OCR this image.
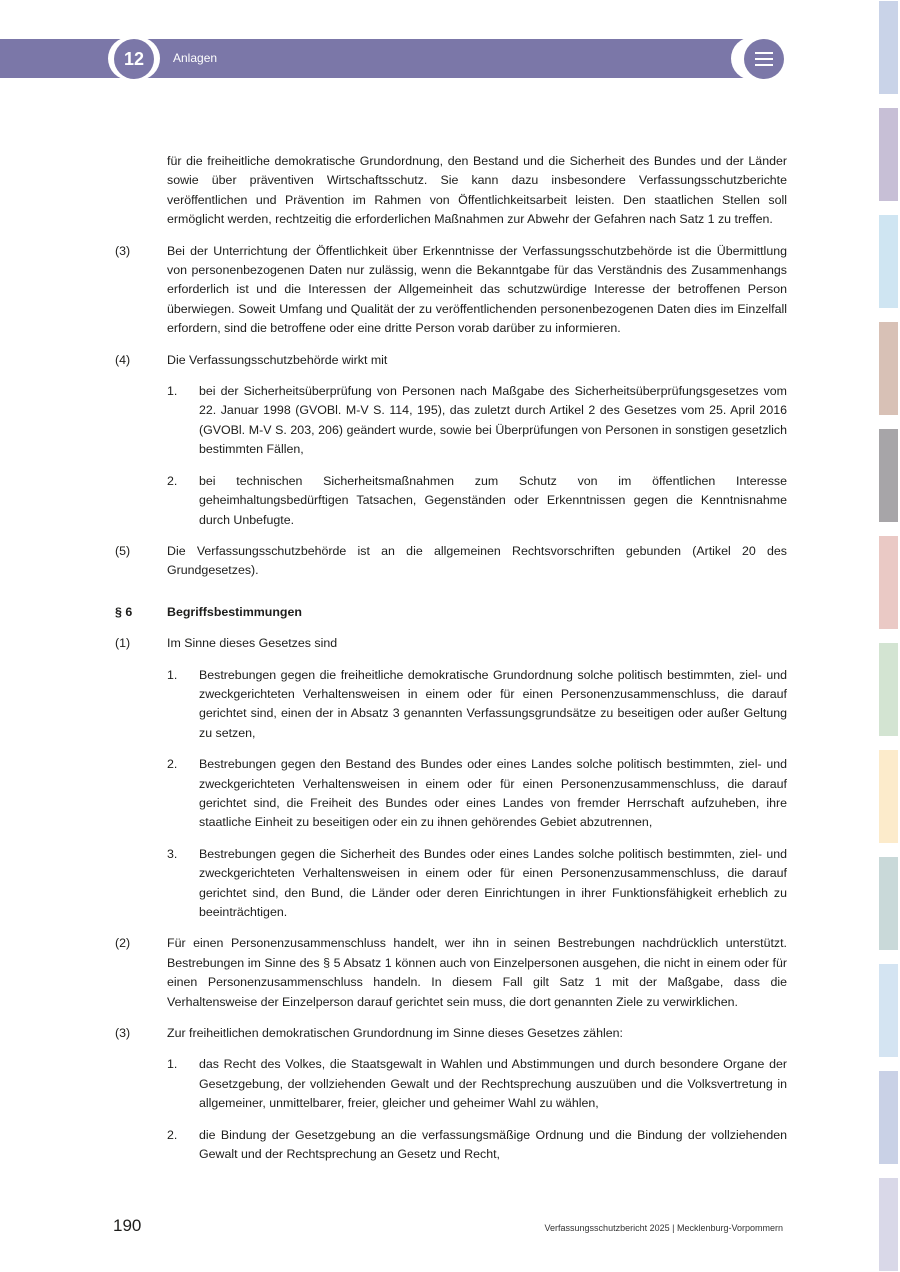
12	Anlagen
für die freiheitliche demokratische Grundordnung, den Bestand und die Sicherheit des Bundes und der Länder sowie über präventiven Wirtschaftsschutz. Sie kann dazu insbesondere Verfassungsschutzberichte veröffentlichen und Prävention im Rahmen von Öffentlichkeitsarbeit leisten. Den staatlichen Stellen soll ermöglicht werden, rechtzeitig die erforderlichen Maßnahmen zur Abwehr der Gefahren nach Satz 1 zu treffen.
(3)	Bei der Unterrichtung der Öffentlichkeit über Erkenntnisse der Verfassungsschutzbehörde ist die Übermittlung von personenbezogenen Daten nur zulässig, wenn die Bekanntgabe für das Verständnis des Zusammenhangs erforderlich ist und die Interessen der Allgemeinheit das schutzwürdige Interesse der betroffenen Person überwiegen. Soweit Umfang und Qualität der zu veröffentlichenden personenbezogenen Daten dies im Einzelfall erfordern, sind die betroffene oder eine dritte Person vorab darüber zu informieren.
(4)	Die Verfassungsschutzbehörde wirkt mit
1. bei der Sicherheitsüberprüfung von Personen nach Maßgabe des Sicherheitsüberprüfungsgesetzes vom 22. Januar 1998 (GVOBl. M-V S. 114, 195), das zuletzt durch Artikel 2 des Gesetzes vom 25. April 2016 (GVOBl. M-V S. 203, 206) geändert wurde, sowie bei Überprüfungen von Personen in sonstigen gesetzlich bestimmten Fällen,
2. bei technischen Sicherheitsmaßnahmen zum Schutz von im öffentlichen Interesse geheimhaltungsbedürftigen Tatsachen, Gegenständen oder Erkenntnissen gegen die Kenntnisnahme durch Unbefugte.
(5)	Die Verfassungsschutzbehörde ist an die allgemeinen Rechtsvorschriften gebunden (Artikel 20 des Grundgesetzes).
§ 6	Begriffsbestimmungen
(1)	Im Sinne dieses Gesetzes sind
1. Bestrebungen gegen die freiheitliche demokratische Grundordnung solche politisch bestimmten, ziel- und zweckgerichteten Verhaltensweisen in einem oder für einen Personenzusammenschluss, die darauf gerichtet sind, einen der in Absatz 3 genannten Verfassungsgrundsätze zu beseitigen oder außer Geltung zu setzen,
2. Bestrebungen gegen den Bestand des Bundes oder eines Landes solche politisch bestimmten, ziel- und zweckgerichteten Verhaltensweisen in einem oder für einen Personenzusammenschluss, die darauf gerichtet sind, die Freiheit des Bundes oder eines Landes von fremder Herrschaft aufzuheben, ihre staatliche Einheit zu beseitigen oder ein zu ihnen gehörendes Gebiet abzutrennen,
3. Bestrebungen gegen die Sicherheit des Bundes oder eines Landes solche politisch bestimmten, ziel- und zweckgerichteten Verhaltensweisen in einem oder für einen Personenzusammenschluss, die darauf gerichtet sind, den Bund, die Länder oder deren Einrichtungen in ihrer Funktionsfähigkeit erheblich zu beeinträchtigen.
(2)	Für einen Personenzusammenschluss handelt, wer ihn in seinen Bestrebungen nachdrücklich unterstützt. Bestrebungen im Sinne des § 5 Absatz 1 können auch von Einzelpersonen ausgehen, die nicht in einem oder für einen Personenzusammenschluss handeln. In diesem Fall gilt Satz 1 mit der Maßgabe, dass die Verhaltensweise der Einzelperson darauf gerichtet sein muss, die dort genannten Ziele zu verwirklichen.
(3)	Zur freiheitlichen demokratischen Grundordnung im Sinne dieses Gesetzes zählen:
1. das Recht des Volkes, die Staatsgewalt in Wahlen und Abstimmungen und durch besondere Organe der Gesetzgebung, der vollziehenden Gewalt und der Rechtsprechung auszuüben und die Volksvertretung in allgemeiner, unmittelbarer, freier, gleicher und geheimer Wahl zu wählen,
2. die Bindung der Gesetzgebung an die verfassungsmäßige Ordnung und die Bindung der vollziehenden Gewalt und der Rechtsprechung an Gesetz und Recht,
190	Verfassungsschutzbericht 2025 | Mecklenburg-Vorpommern
